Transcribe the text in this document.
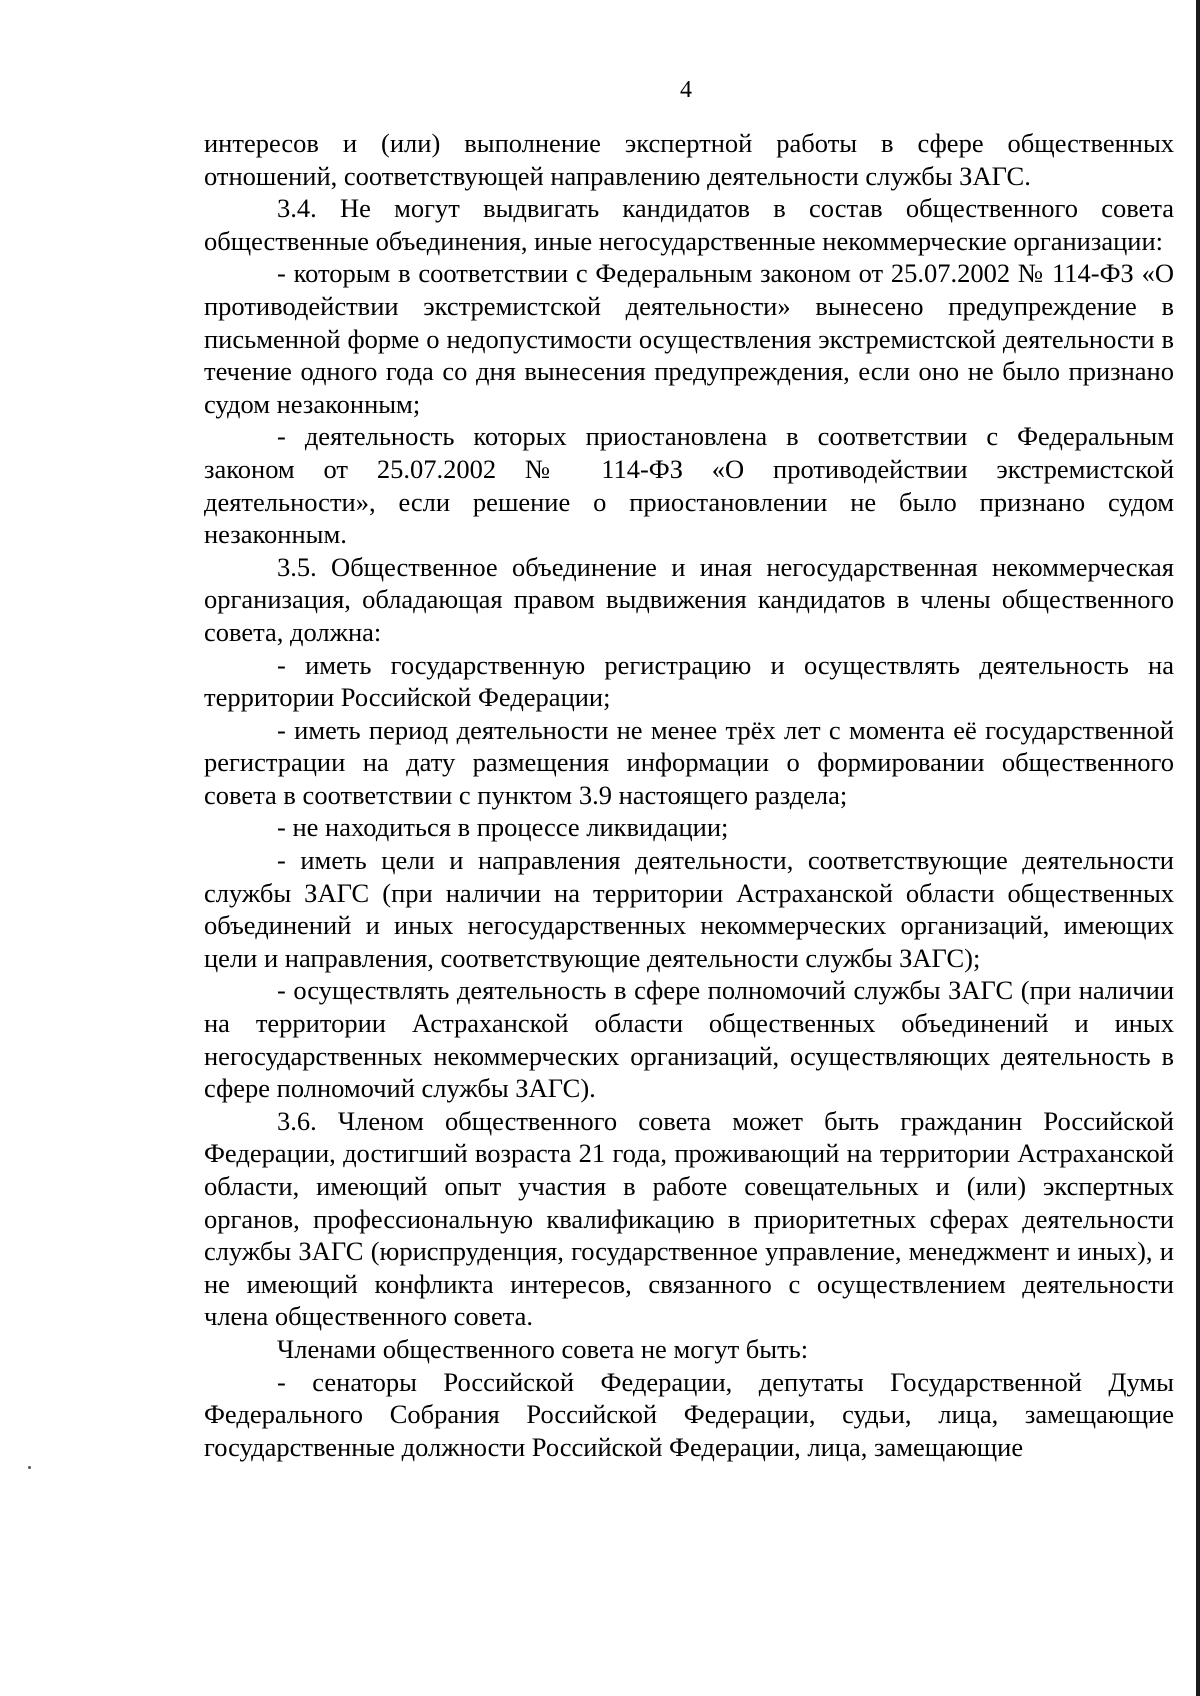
4

интересов и (или) выполнение экспертной работы в сфере общественных отношений, соответствующей направлению деятельности службы ЗАГС.

3.4. Не могут выдвигать кандидатов в состав общественного совета общественные объединения, иные негосударственные некоммерческие организации:

- которым в соответствии с Федеральным законом от 25.07.2002 № 114-ФЗ «О противодействии экстремистской деятельности» вынесено предупреждение в письменной форме о недопустимости осуществления экстремистской деятельности в течение одного года со дня вынесения предупреждения, если оно не было признано судом незаконным;

- деятельность которых приостановлена в соответствии с Федеральным законом от 25.07.2002 № 114-ФЗ «О противодействии экстремистской деятельности», если решение о приостановлении не было признано судом незаконным.

3.5. Общественное объединение и иная негосударственная некоммерческая организация, обладающая правом выдвижения кандидатов в члены общественного совета, должна:

- иметь государственную регистрацию и осуществлять деятельность на территории Российской Федерации;

- иметь период деятельности не менее трёх лет с момента её государственной регистрации на дату размещения информации о формировании общественного совета в соответствии с пунктом 3.9 настоящего раздела;

- не находиться в процессе ликвидации;

- иметь цели и направления деятельности, соответствующие деятельности службы ЗАГС (при наличии на территории Астраханской области общественных объединений и иных негосударственных некоммерческих организаций, имеющих цели и направления, соответствующие деятельности службы ЗАГС);

- осуществлять деятельность в сфере полномочий службы ЗАГС (при наличии на территории Астраханской области общественных объединений и иных негосударственных некоммерческих организаций, осуществляющих деятельность в сфере полномочий службы ЗАГС).

3.6. Членом общественного совета может быть гражданин Российской Федерации, достигший возраста 21 года, проживающий на территории Астраханской области, имеющий опыт участия в работе совещательных и (или) экспертных органов, профессиональную квалификацию в приоритетных сферах деятельности службы ЗАГС (юриспруденция, государственное управление, менеджмент и иных), и не имеющий конфликта интересов, связанного с осуществлением деятельности члена общественного совета.

Членами общественного совета не могут быть:

- сенаторы Российской Федерации, депутаты Государственной Думы Федерального Собрания Российской Федерации, судьи, лица, замещающие государственные должности Российской Федерации, лица, замещающие
